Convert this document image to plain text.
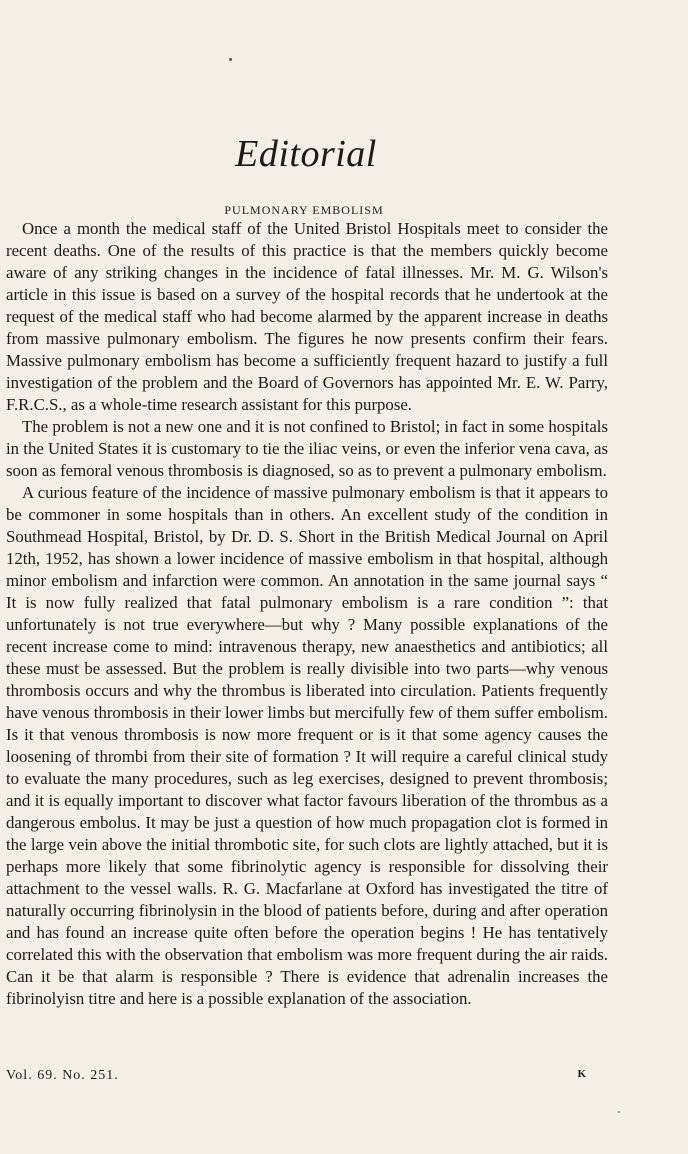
Editorial
PULMONARY EMBOLISM

Once a month the medical staff of the United Bristol Hospitals meet to consider the recent deaths. One of the results of this practice is that the members quickly become aware of any striking changes in the incidence of fatal illnesses. Mr. M. G. Wilson's article in this issue is based on a survey of the hospital records that he undertook at the request of the medical staff who had become alarmed by the apparent increase in deaths from massive pulmonary embolism. The figures he now presents confirm their fears. Massive pulmonary embolism has become a sufficiently frequent hazard to justify a full investigation of the problem and the Board of Governors has appointed Mr. E. W. Parry, F.R.C.S., as a whole-time research assistant for this purpose.

The problem is not a new one and it is not confined to Bristol; in fact in some hospitals in the United States it is customary to tie the iliac veins, or even the inferior vena cava, as soon as femoral venous thrombosis is diagnosed, so as to prevent a pulmonary embolism.

A curious feature of the incidence of massive pulmonary embolism is that it appears to be commoner in some hospitals than in others. An excellent study of the condition in Southmead Hospital, Bristol, by Dr. D. S. Short in the British Medical Journal on April 12th, 1952, has shown a lower incidence of massive embolism in that hospital, although minor embolism and infarction were common. An annotation in the same journal says “ It is now fully realized that fatal pulmonary embolism is a rare condition ”: that unfortunately is not true everywhere—but why ? Many possible explanations of the recent increase come to mind: intravenous therapy, new anaesthetics and antibiotics; all these must be assessed. But the problem is really divisible into two parts—why venous thrombosis occurs and why the thrombus is liberated into circulation. Patients frequently have venous thrombosis in their lower limbs but mercifully few of them suffer embolism. Is it that venous thrombosis is now more frequent or is it that some agency causes the loosening of thrombi from their site of formation ? It will require a careful clinical study to evaluate the many procedures, such as leg exercises, designed to prevent thrombosis; and it is equally important to discover what factor favours liberation of the thrombus as a dangerous embolus. It may be just a question of how much propagation clot is formed in the large vein above the initial thrombotic site, for such clots are lightly attached, but it is perhaps more likely that some fibrinolytic agency is responsible for dissolving their attachment to the vessel walls. R. G. Macfarlane at Oxford has investigated the titre of naturally occurring fibrinolysin in the blood of patients before, during and after operation and has found an increase quite often before the operation begins ! He has tentatively correlated this with the observation that embolism was more frequent during the air raids. Can it be that alarm is responsible ? There is evidence that adrenalin increases the fibrinolyisn titre and here is a possible explanation of the association.

Vol. 69. No. 251.	K
